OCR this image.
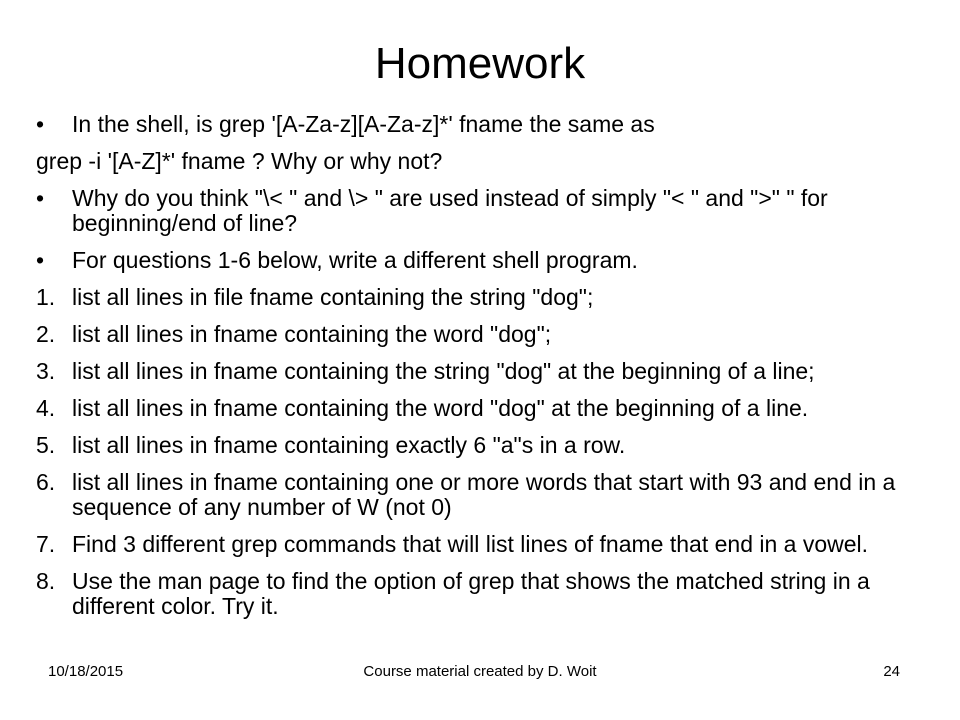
Homework
•	In the shell, is grep '[A-Za-z][A-Za-z]*' fname the same as
grep -i '[A-Z]*' fname ? Why or why not?
•	Why do you think "\< " and \> " are used instead of simply "< " and ">" " for beginning/end of line?
•	For questions 1-6 below, write a different shell program.
1. list all lines in file fname containing the string "dog";
2. list all lines in fname containing the word "dog";
3. list all lines in fname containing the string "dog" at the beginning of a line;
4. list all lines in fname containing the word "dog" at the beginning of a line.
5. list all lines in fname containing exactly 6 "a"s in a row.
6. list all lines in fname containing one or more words that start with 93 and end in a sequence of any number of W (not 0)
7. Find 3 different grep commands that will list lines of fname that end in a vowel.
8. Use the man page to find the option of grep that shows the matched string in a different color. Try it.
10/18/2015	Course material created by D. Woit	24
